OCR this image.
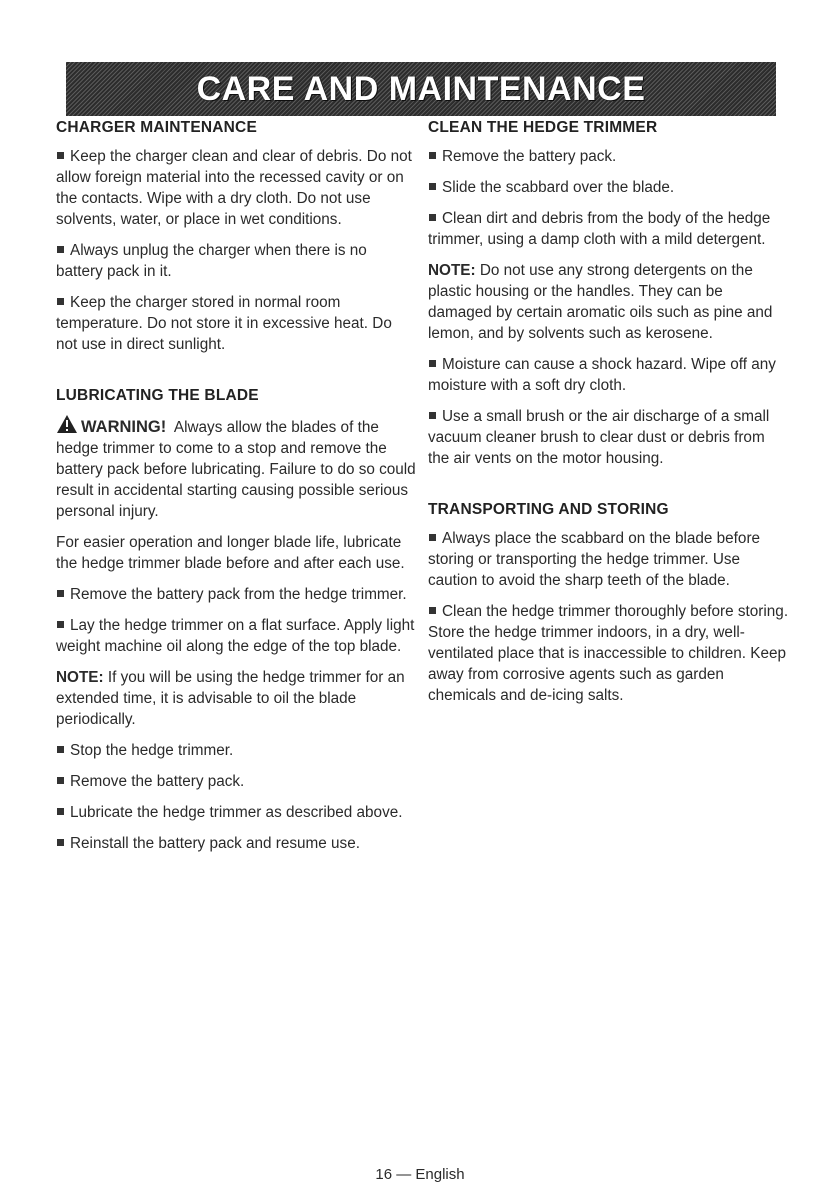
CARE AND MAINTENANCE
CHARGER MAINTENANCE

Keep the charger clean and clear of debris. Do not allow foreign material into the recessed cavity or on the contacts. Wipe with a dry cloth. Do not use solvents, water, or place in wet conditions.

Always unplug the charger when there is no battery pack in it.

Keep the charger stored in normal room temperature. Do not store it in excessive heat. Do not use in direct sunlight.

LUBRICATING THE BLADE

WARNING! Always allow the blades of the hedge trimmer to come to a stop and remove the battery pack before lubricating. Failure to do so could result in accidental starting causing possible serious personal injury.

For easier operation and longer blade life, lubricate the hedge trimmer blade before and after each use.

Remove the battery pack from the hedge trimmer.

Lay the hedge trimmer on a flat surface. Apply light weight machine oil along the edge of the top blade.

NOTE: If you will be using the hedge trimmer for an extended time, it is advisable to oil the blade periodically.

Stop the hedge trimmer.

Remove the battery pack.

Lubricate the hedge trimmer as described above.

Reinstall the battery pack and resume use.

CLEAN THE HEDGE TRIMMER

Remove the battery pack.

Slide the scabbard over the blade.

Clean dirt and debris from the body of the hedge trimmer, using a damp cloth with a mild detergent.

NOTE: Do not use any strong detergents on the plastic housing or the handles. They can be damaged by certain aromatic oils such as pine and lemon, and by solvents such as kerosene.

Moisture can cause a shock hazard. Wipe off any moisture with a soft dry cloth.

Use a small brush or the air discharge of a small vacuum cleaner brush to clear dust or debris from the air vents on the motor housing.

TRANSPORTING AND STORING

Always place the scabbard on the blade before storing or transporting the hedge trimmer. Use caution to avoid the sharp teeth of the blade.

Clean the hedge trimmer thoroughly before storing. Store the hedge trimmer indoors, in a dry, well-ventilated place that is inaccessible to children. Keep away from corrosive agents such as garden chemicals and de-icing salts.

16 — English
